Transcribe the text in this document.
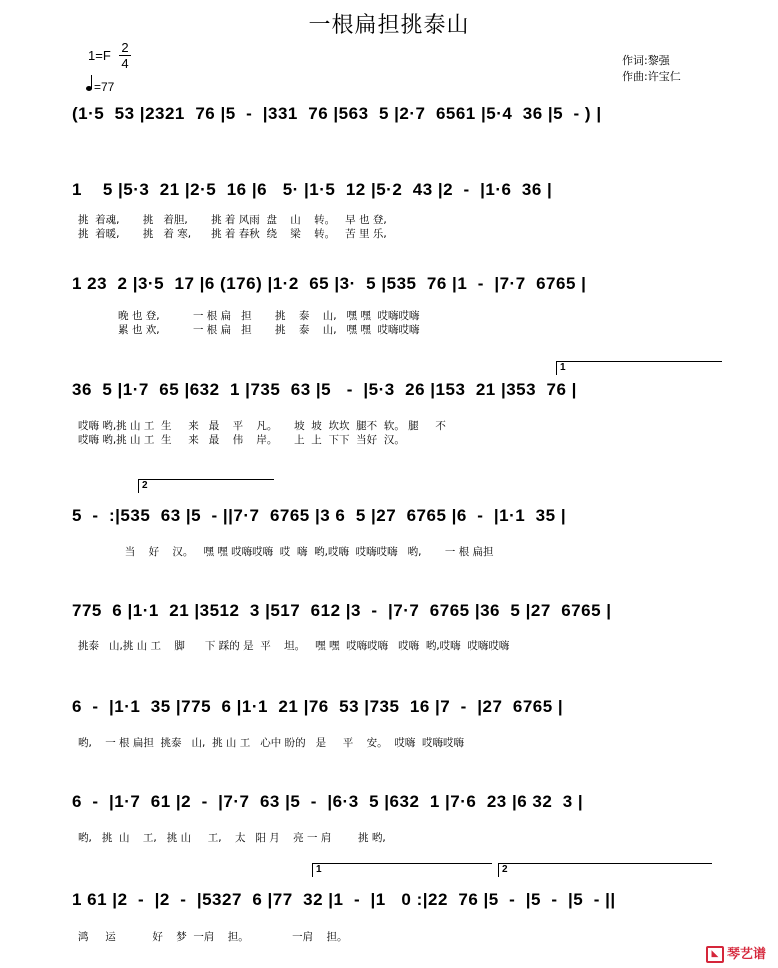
一根扁担挑泰山
1=F
2
4
=77
作词:黎强
作曲:许宝仁
(1·5  53 |2321  76 |5  -  |331  76 |563  5 |2·7  6561 |5·4  36 |5  - ) |
1    5 |5·3  21 |2·5  16 |6   5· |1·5  12 |5·2  43 |2  -  |1·6  36 |
挑  着魂,       挑   着胆,       挑 着 风雨  盘    山    转。   早 也 登,
挑  着暖,       挑   着 寒,      挑 着 春秋  绕    梁    转。   苦 里 乐,
1 23  2 |3·5  17 |6 (176) |1·2  65 |3·  5 |535  76 |1  -  |7·7  6765 |
晚 也 登,          一 根 扁   担       挑    泰    山,   嘿 嘿  哎嗨哎嗨
累 也 欢,          一 根 扁   担       挑    泰    山,   嘿 嘿  哎嗨哎嗨
1
36  5 |1·7  65 |632  1 |735  63 |5   -  |5·3  26 |153  21 |353  76 |
哎嗨 哟,挑 山 工  生     来   最    平    凡。     坡  坡  坎坎  腿不  软。 腿     不
哎嗨 哟,挑 山 工  生     来   最    伟    岸。     上  上  下下  当好  汉。
2
5  -  :|535  63 |5  - ||7·7  6765 |3 6  5 |27  6765 |6  -  |1·1  35 |
当    好    汉。   嘿 嘿 哎嗨哎嗨  哎  嗨  哟,哎嗨  哎嗨哎嗨   哟,       一 根 扁担
775  6 |1·1  21 |3512  3 |517  612 |3  -  |7·7  6765 |36  5 |27  6765 |
挑泰   山,挑 山 工    脚      下 踩的 是  平    坦。   嘿 嘿  哎嗨哎嗨   哎嗨  哟,哎嗨  哎嗨哎嗨
6  -  |1·1  35 |775  6 |1·1  21 |76  53 |735  16 |7  -  |27  6765 |
哟,    一 根 扁担  挑泰   山,  挑 山 工   心中 盼的   是     平    安。  哎嗨  哎嗨哎嗨
6  -  |1·7  61 |2  -  |7·7  63 |5  -  |6·3  5 |632  1 |7·6  23 |6 32  3 |
哟,   挑  山    工,   挑 山     工,    太   阳 月    亮 一 肩        挑 哟,
1	2
1 61 |2  -  |2  -  |5327  6 |77  32 |1  -  |1   0 :|22  76 |5  -  |5  -  |5  - ||
鸿     运           好    梦  一肩    担。             一肩    担。
◣ 琴艺谱
